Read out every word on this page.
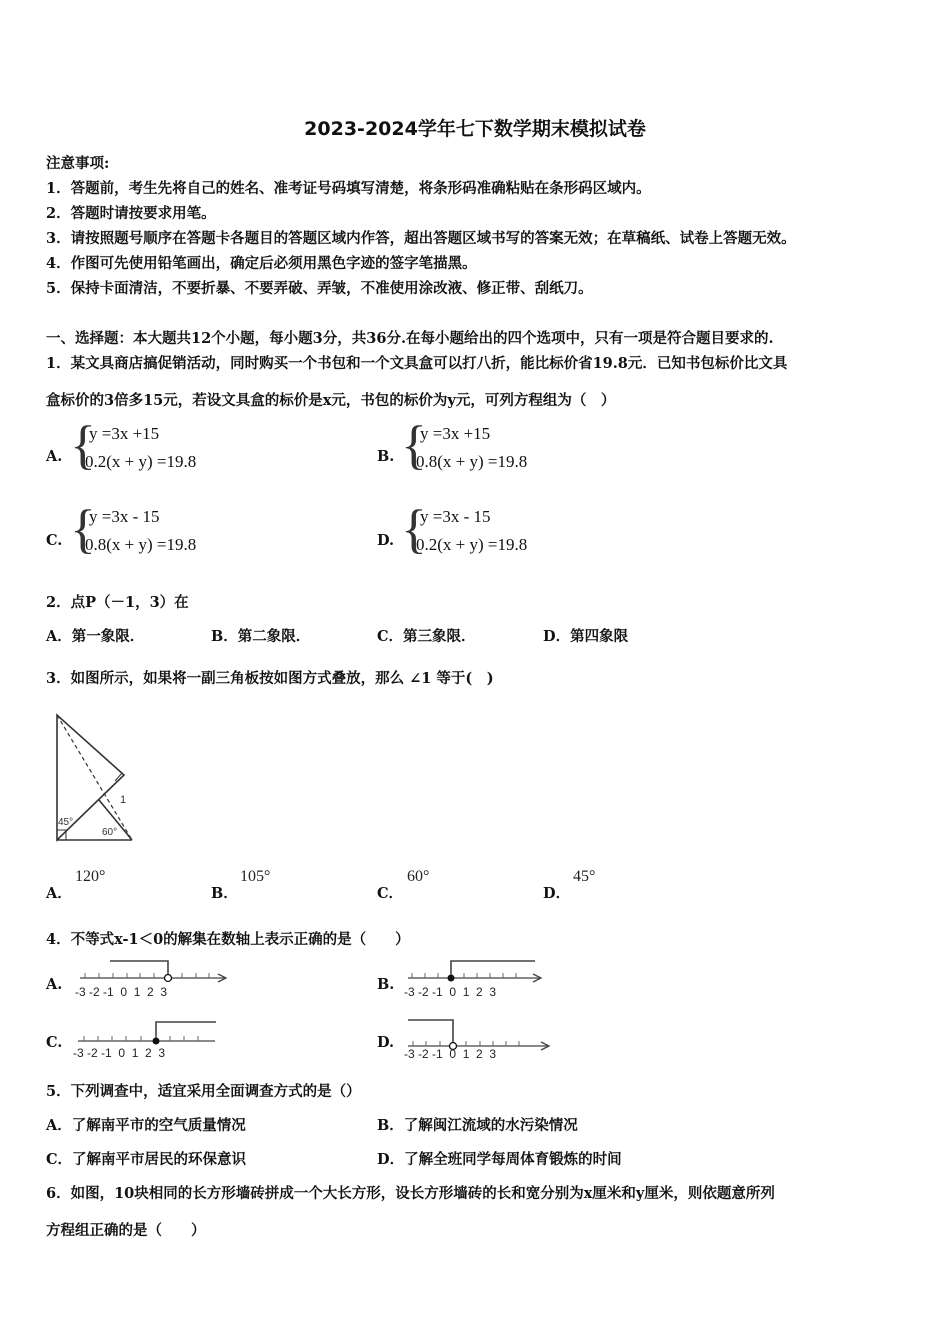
2023-2024学年七下数学期末模拟试卷
注意事项:
1．答题前，考生先将自己的姓名、准考证号码填写清楚，将条形码准确粘贴在条形码区域内。
2．答题时请按要求用笔。
3．请按照题号顺序在答题卡各题目的答题区域内作答，超出答题区域书写的答案无效；在草稿纸、试卷上答题无效。
4．作图可先使用铅笔画出，确定后必须用黑色字迹的签字笔描黑。
5．保持卡面清洁，不要折暴、不要弄破、弄皱，不准使用涂改液、修正带、刮纸刀。
一、选择题：本大题共12个小题，每小题3分，共36分.在每小题给出的四个选项中，只有一项是符合题目要求的.
1．某文具商店搞促销活动，同时购买一个书包和一个文具盒可以打八折，能比标价省19.8元．已知书包标价比文具
盒标价的3倍多15元，若设文具盒的标价是x元，书包的标价为y元，可列方程组为（　）
A. {
y =3x +15
0.2(x + y) =19.8	B. {
y =3x +15
0.8(x + y) =19.8
C. {
y =3x - 15
0.8(x + y) =19.8	D. {
y =3x - 15
0.2(x + y) =19.8
2．点P（－1，3）在
A．第一象限．	B．第二象限．	C．第三象限．	D．第四象限
3．如图所示，如果将一副三角板按如图方式叠放，那么 ∠1 等于(　)
45°
60°
1
A．
120°
B．
105°
C．
60°
D．
45°
4．不等式x-1＜0的解集在数轴上表示正确的是（　　）
A. -3 -2 -1  0  1  2  3	B. -3 -2 -1  0  1  2  3
C.
-3 -2 -1  0  1  2  3
D.
-3 -2 -1  0  1  2  3
5．下列调查中，适宜采用全面调查方式的是（）
A．了解南平市的空气质量情况	B．了解闽江流域的水污染情况
C．了解南平市居民的环保意识	D．了解全班同学每周体育锻炼的时间
6．如图，10块相同的长方形墙砖拼成一个大长方形，设长方形墙砖的长和宽分别为x厘米和y厘米，则依题意所列
方程组正确的是（　　）
